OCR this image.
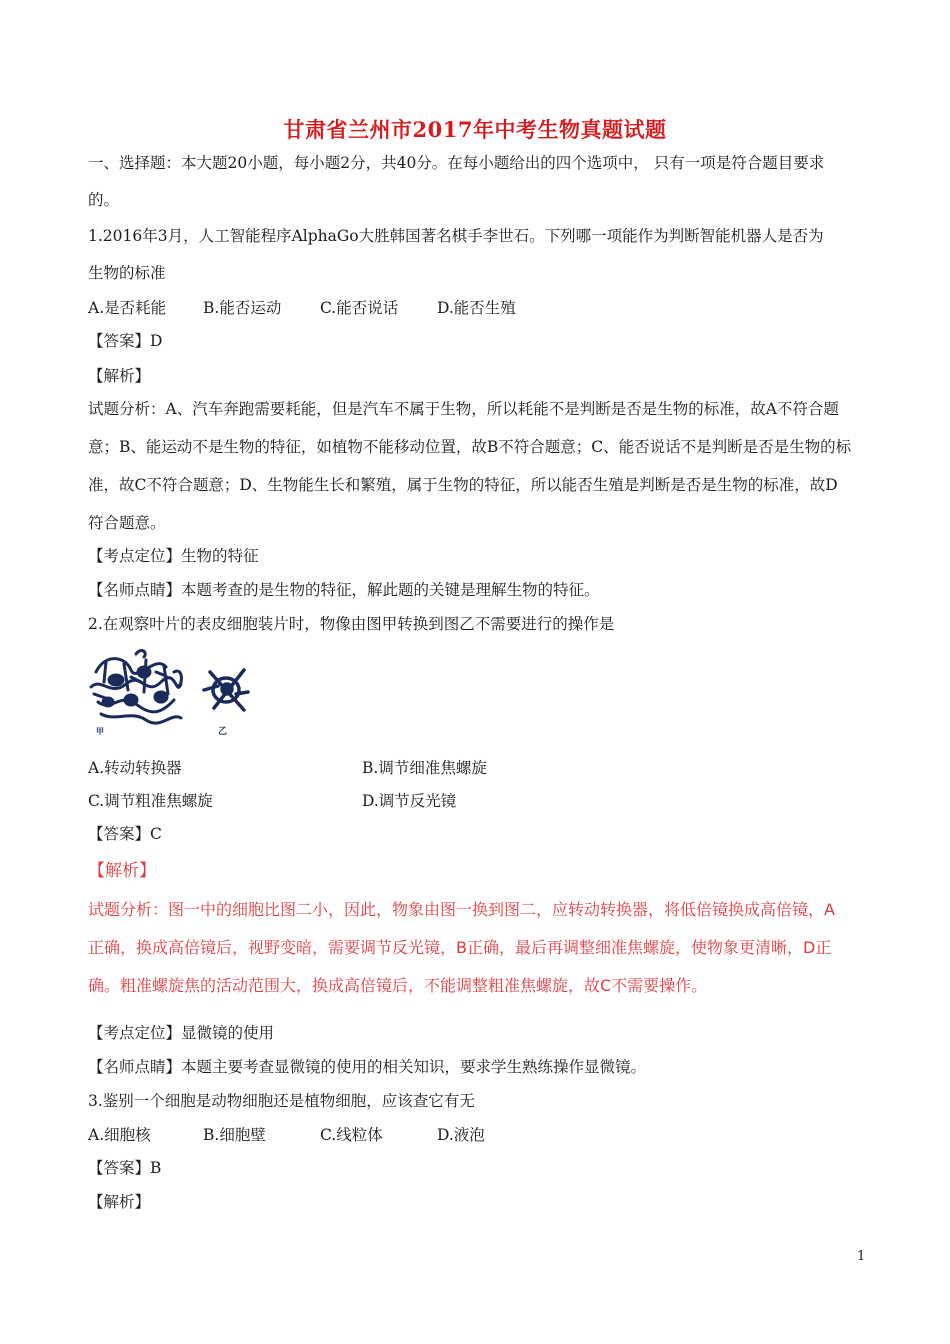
甘肃省兰州市2017年中考生物真题试题
一、选择题：本大题20小题，每小题2分，共40分。在每小题给出的四个选项中， 只有一项是符合题目要求
的。
1.2016年3月，人工智能程序AlphaGo大胜韩国著名棋手李世石。下列哪一项能作为判断智能机器人是否为
生物的标准
A.是否耗能 B.能否运动 C.能否说话	D.能否生殖
【答案】D
【解析】
试题分析：A、汽车奔跑需要耗能，但是汽车不属于生物，所以耗能不是判断是否是生物的标准，故A不符合题
意；B、能运动不是生物的特征，如植物不能移动位置，故B不符合题意；C、能否说话不是判断是否是生物的标
准，故C不符合题意；D、生物能生长和繁殖，属于生物的特征，所以能否生殖是判断是否是生物的标准，故D
符合题意。
【考点定位】生物的特征
【名师点睛】本题考查的是生物的特征，解此题的关键是理解生物的特征。
2.在观察叶片的表皮细胞装片时，物像由图甲转换到图乙不需要进行的操作是
甲	乙
A.转动转换器	B.调节细准焦螺旋
C.调节粗准焦螺旋	D.调节反光镜
【答案】C
【解析】
试题分析：图一中的细胞比图二小，因此，物象由图一换到图二，应转动转换器，将低倍镜换成高倍镜，A
正确，换成高倍镜后，视野变暗，需要调节反光镜，B正确，最后再调整细准焦螺旋，使物象更清晰，D正
确。粗准螺旋焦的活动范围大，换成高倍镜后，不能调整粗准焦螺旋，故C不需要操作。
【考点定位】显微镜的使用
【名师点睛】本题主要考查显微镜的使用的相关知识，要求学生熟练操作显微镜。
3.鉴别一个细胞是动物细胞还是植物细胞，应该查它有无
A.细胞核	B.细胞壁	C.线粒体	D.液泡
【答案】B
【解析】
1
